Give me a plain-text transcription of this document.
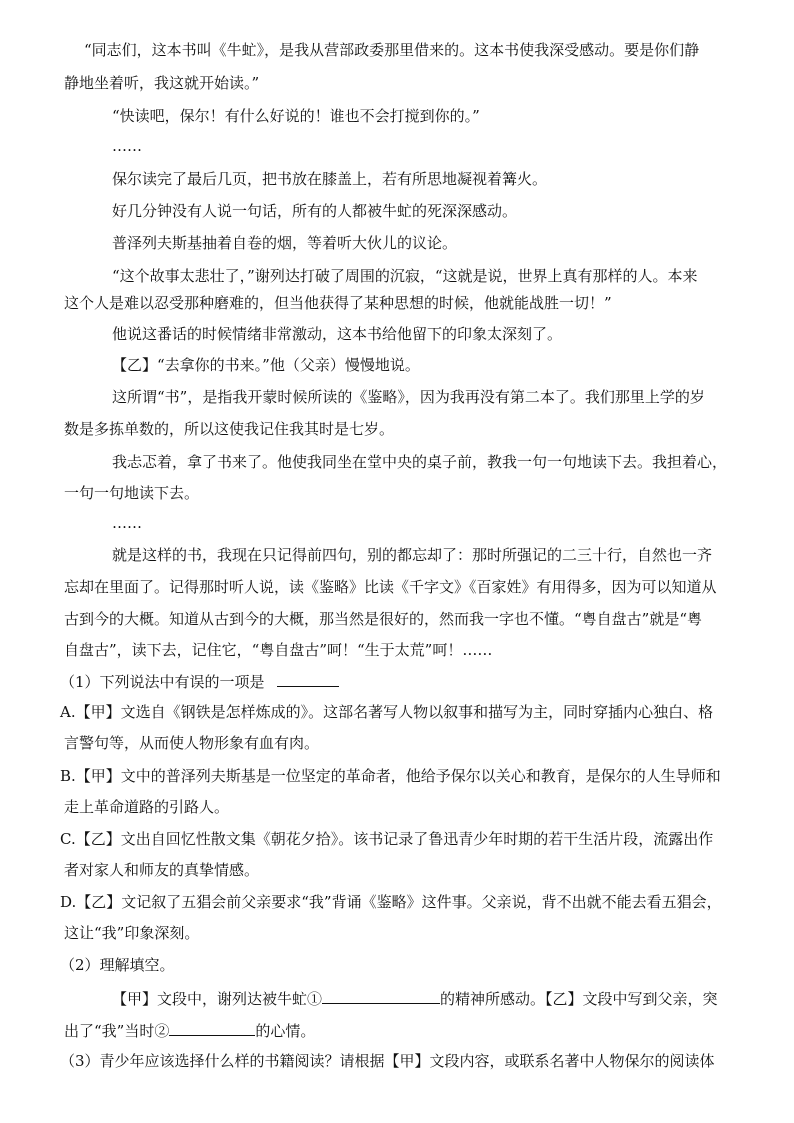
“同志们，这本书叫《牛虻》，是我从营部政委那里借来的。这本书使我深受感动。要是你们静
静地坐着听，我这就开始读。”
“快读吧，保尔！有什么好说的！谁也不会打搅到你的。”
……
保尔读完了最后几页，把书放在膝盖上，若有所思地凝视着篝火。
好几分钟没有人说一句话，所有的人都被牛虻的死深深感动。
普泽列夫斯基抽着自卷的烟，等着听大伙儿的议论。
“这个故事太悲壮了，”谢列达打破了周围的沉寂，“这就是说，世界上真有那样的人。本来
这个人是难以忍受那种磨难的，但当他获得了某种思想的时候，他就能战胜一切！”
他说这番话的时候情绪非常激动，这本书给他留下的印象太深刻了。
【乙】“去拿你的书来。”他（父亲）慢慢地说。
这所谓“书”，是指我开蒙时候所读的《鉴略》，因为我再没有第二本了。我们那里上学的岁
数是多拣单数的，所以这使我记住我其时是七岁。
我忐忑着，拿了书来了。他使我同坐在堂中央的桌子前，教我一句一句地读下去。我担着心，
一句一句地读下去。
……
就是这样的书，我现在只记得前四句，别的都忘却了：那时所强记的二三十行，自然也一齐
忘却在里面了。记得那时听人说，读《鉴略》比读《千字文》《百家姓》有用得多，因为可以知道从
古到今的大概。知道从古到今的大概，那当然是很好的，然而我一字也不懂。“粤自盘古”就是“粤
自盘古”，读下去，记住它，“粤自盘古”呵！“生于太荒”呵！……
（1）下列说法中有误的一项是
A.【甲】文选自《钢铁是怎样炼成的》。这部名著写人物以叙事和描写为主，同时穿插内心独白、格
言警句等，从而使人物形象有血有肉。
B.【甲】文中的普泽列夫斯基是一位坚定的革命者，他给予保尔以关心和教育，是保尔的人生导师和
走上革命道路的引路人。
C.【乙】文出自回忆性散文集《朝花夕拾》。该书记录了鲁迅青少年时期的若干生活片段，流露出作
者对家人和师友的真挚情感。
D.【乙】文记叙了五猖会前父亲要求“我”背诵《鉴略》这件事。父亲说，背不出就不能去看五猖会，
这让“我”印象深刻。
（2）理解填空。
【甲】文段中，谢列达被牛虻①	的精神所感动。【乙】文段中写到父亲，突
出了“我”当时②	的心情。
（3）青少年应该选择什么样的书籍阅读？请根据【甲】文段内容，或联系名著中人物保尔的阅读体
